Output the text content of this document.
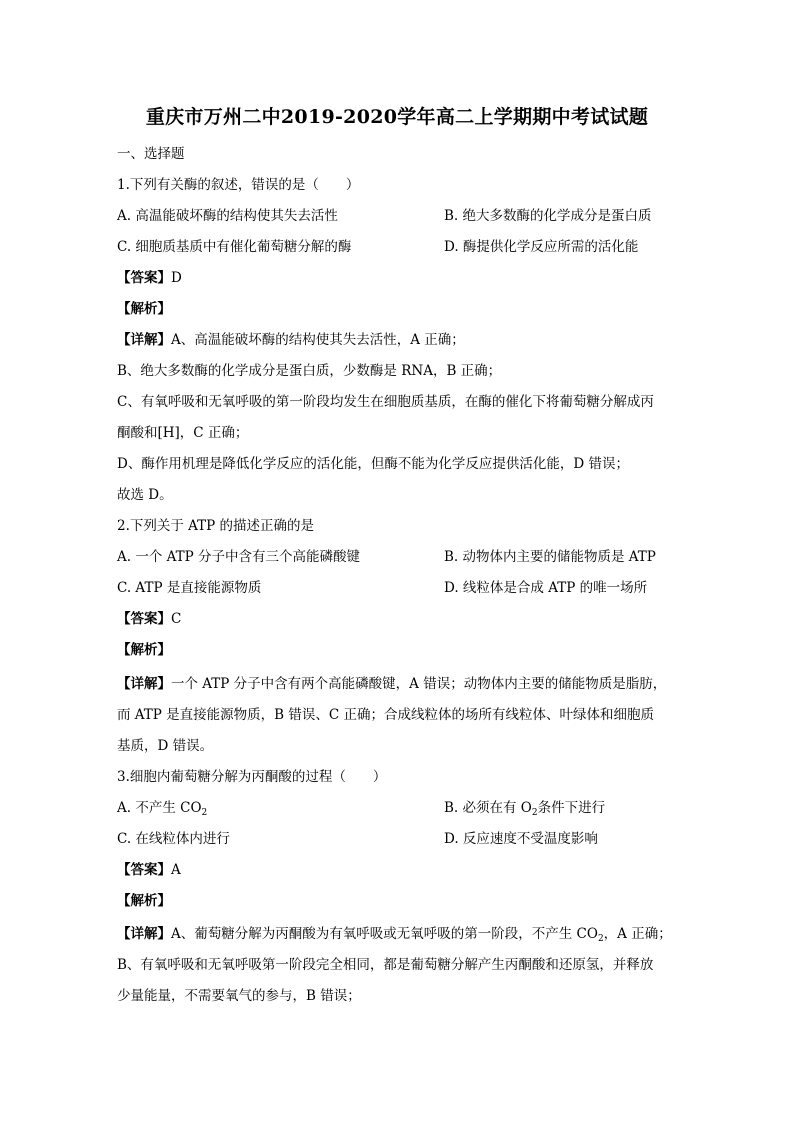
重庆市万州二中2019-2020学年高二上学期期中考试试题
一、选择题
1.下列有关酶的叙述，错误的是（　　）
A. 高温能破坏酶的结构使其失去活性	B. 绝大多数酶的化学成分是蛋白质
C. 细胞质基质中有催化葡萄糖分解的酶	D. 酶提供化学反应所需的活化能
【答案】D
【解析】
【详解】A、高温能破坏酶的结构使其失去活性，A 正确；
B、绝大多数酶的化学成分是蛋白质，少数酶是 RNA，B 正确；
C、有氧呼吸和无氧呼吸的第一阶段均发生在细胞质基质，在酶的催化下将葡萄糖分解成丙
酮酸和[H]，C 正确；
D、酶作用机理是降低化学反应的活化能，但酶不能为化学反应提供活化能，D 错误；
故选 D。
2.下列关于 ATP 的描述正确的是
A. 一个 ATP 分子中含有三个高能磷酸键	B. 动物体内主要的储能物质是 ATP
C. ATP 是直接能源物质	D. 线粒体是合成 ATP 的唯一场所
【答案】C
【解析】
【详解】一个 ATP 分子中含有两个高能磷酸键，A 错误；动物体内主要的储能物质是脂肪，
而 ATP 是直接能源物质，B 错误、C 正确；合成线粒体的场所有线粒体、叶绿体和细胞质
基质，D 错误。
3.细胞内葡萄糖分解为丙酮酸的过程（　　）
A. 不产生 $CO_2$	B. 必须在有 $O_2$条件下进行
C. 在线粒体内进行	D. 反应速度不受温度影响
【答案】A
【解析】
【详解】A、葡萄糖分解为丙酮酸为有氧呼吸或无氧呼吸的第一阶段，不产生 $CO_2$，A 正确；
B、有氧呼吸和无氧呼吸第一阶段完全相同，都是葡萄糖分解产生丙酮酸和还原氢，并释放
少量能量，不需要氧气的参与，B 错误；
